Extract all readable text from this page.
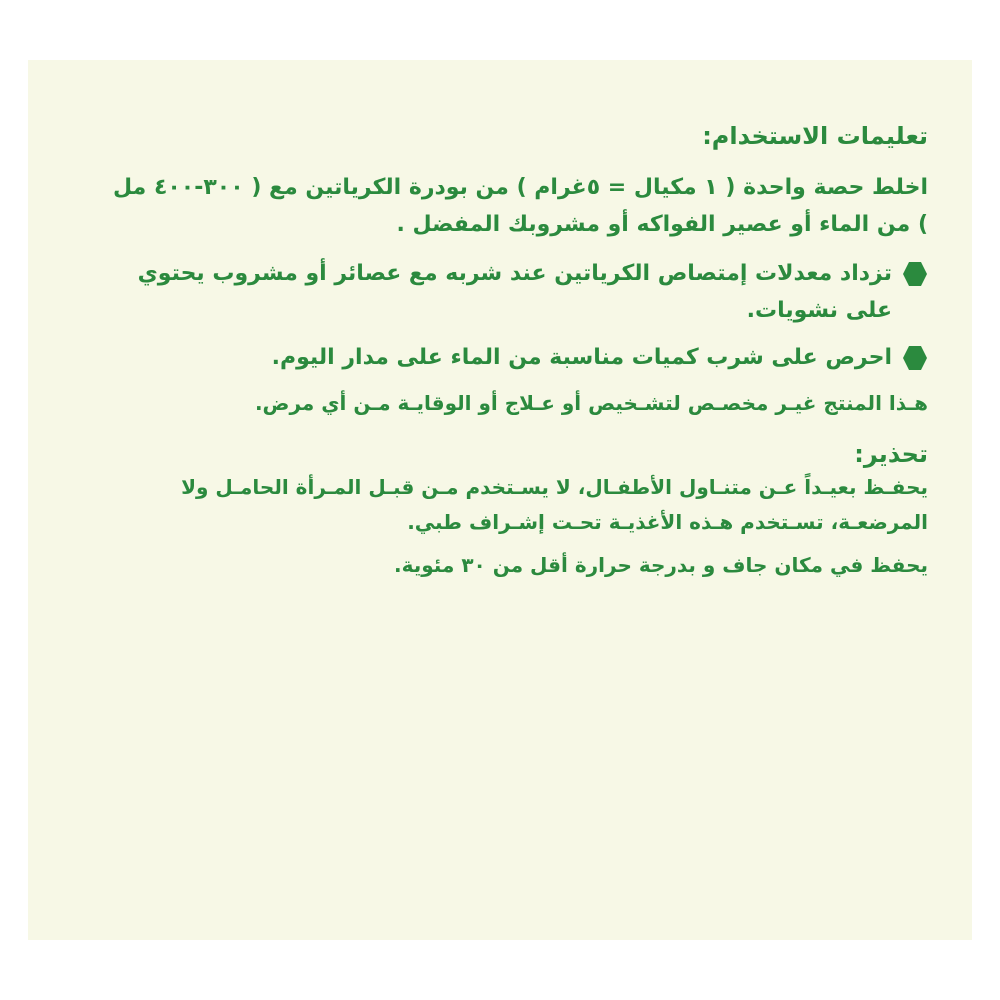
تعليمات الاستخدام:
اخلط حصة واحدة ( ١ مكيال = ٥غرام ) من بودرة الكرياتين مع ( ٣٠٠-٤٠٠ مل ) من الماء أو عصير الفواكه أو مشروبك المفضل .
تزداد معدلات إمتصاص الكرياتين عند شربه مع عصائر أو مشروب يحتوي على نشويات.
احرص على شرب كميات مناسبة من الماء على مدار اليوم.
هـذا المنتج غيـر مخصـص لتشـخيص أو عـلاج أو الوقايـة مـن أي مرض.
تحذير:
يحفـظ بعيـداً عـن متنـاول الأطفـال، لا يسـتخدم مـن قبـل المـرأة الحامـل ولا المرضعـة، تسـتخدم هـذه الأغذيـة تحـت إشـراف طبي.
يحفظ في مكان جاف و بدرجة حرارة أقل من ٣٠ مئوية.
